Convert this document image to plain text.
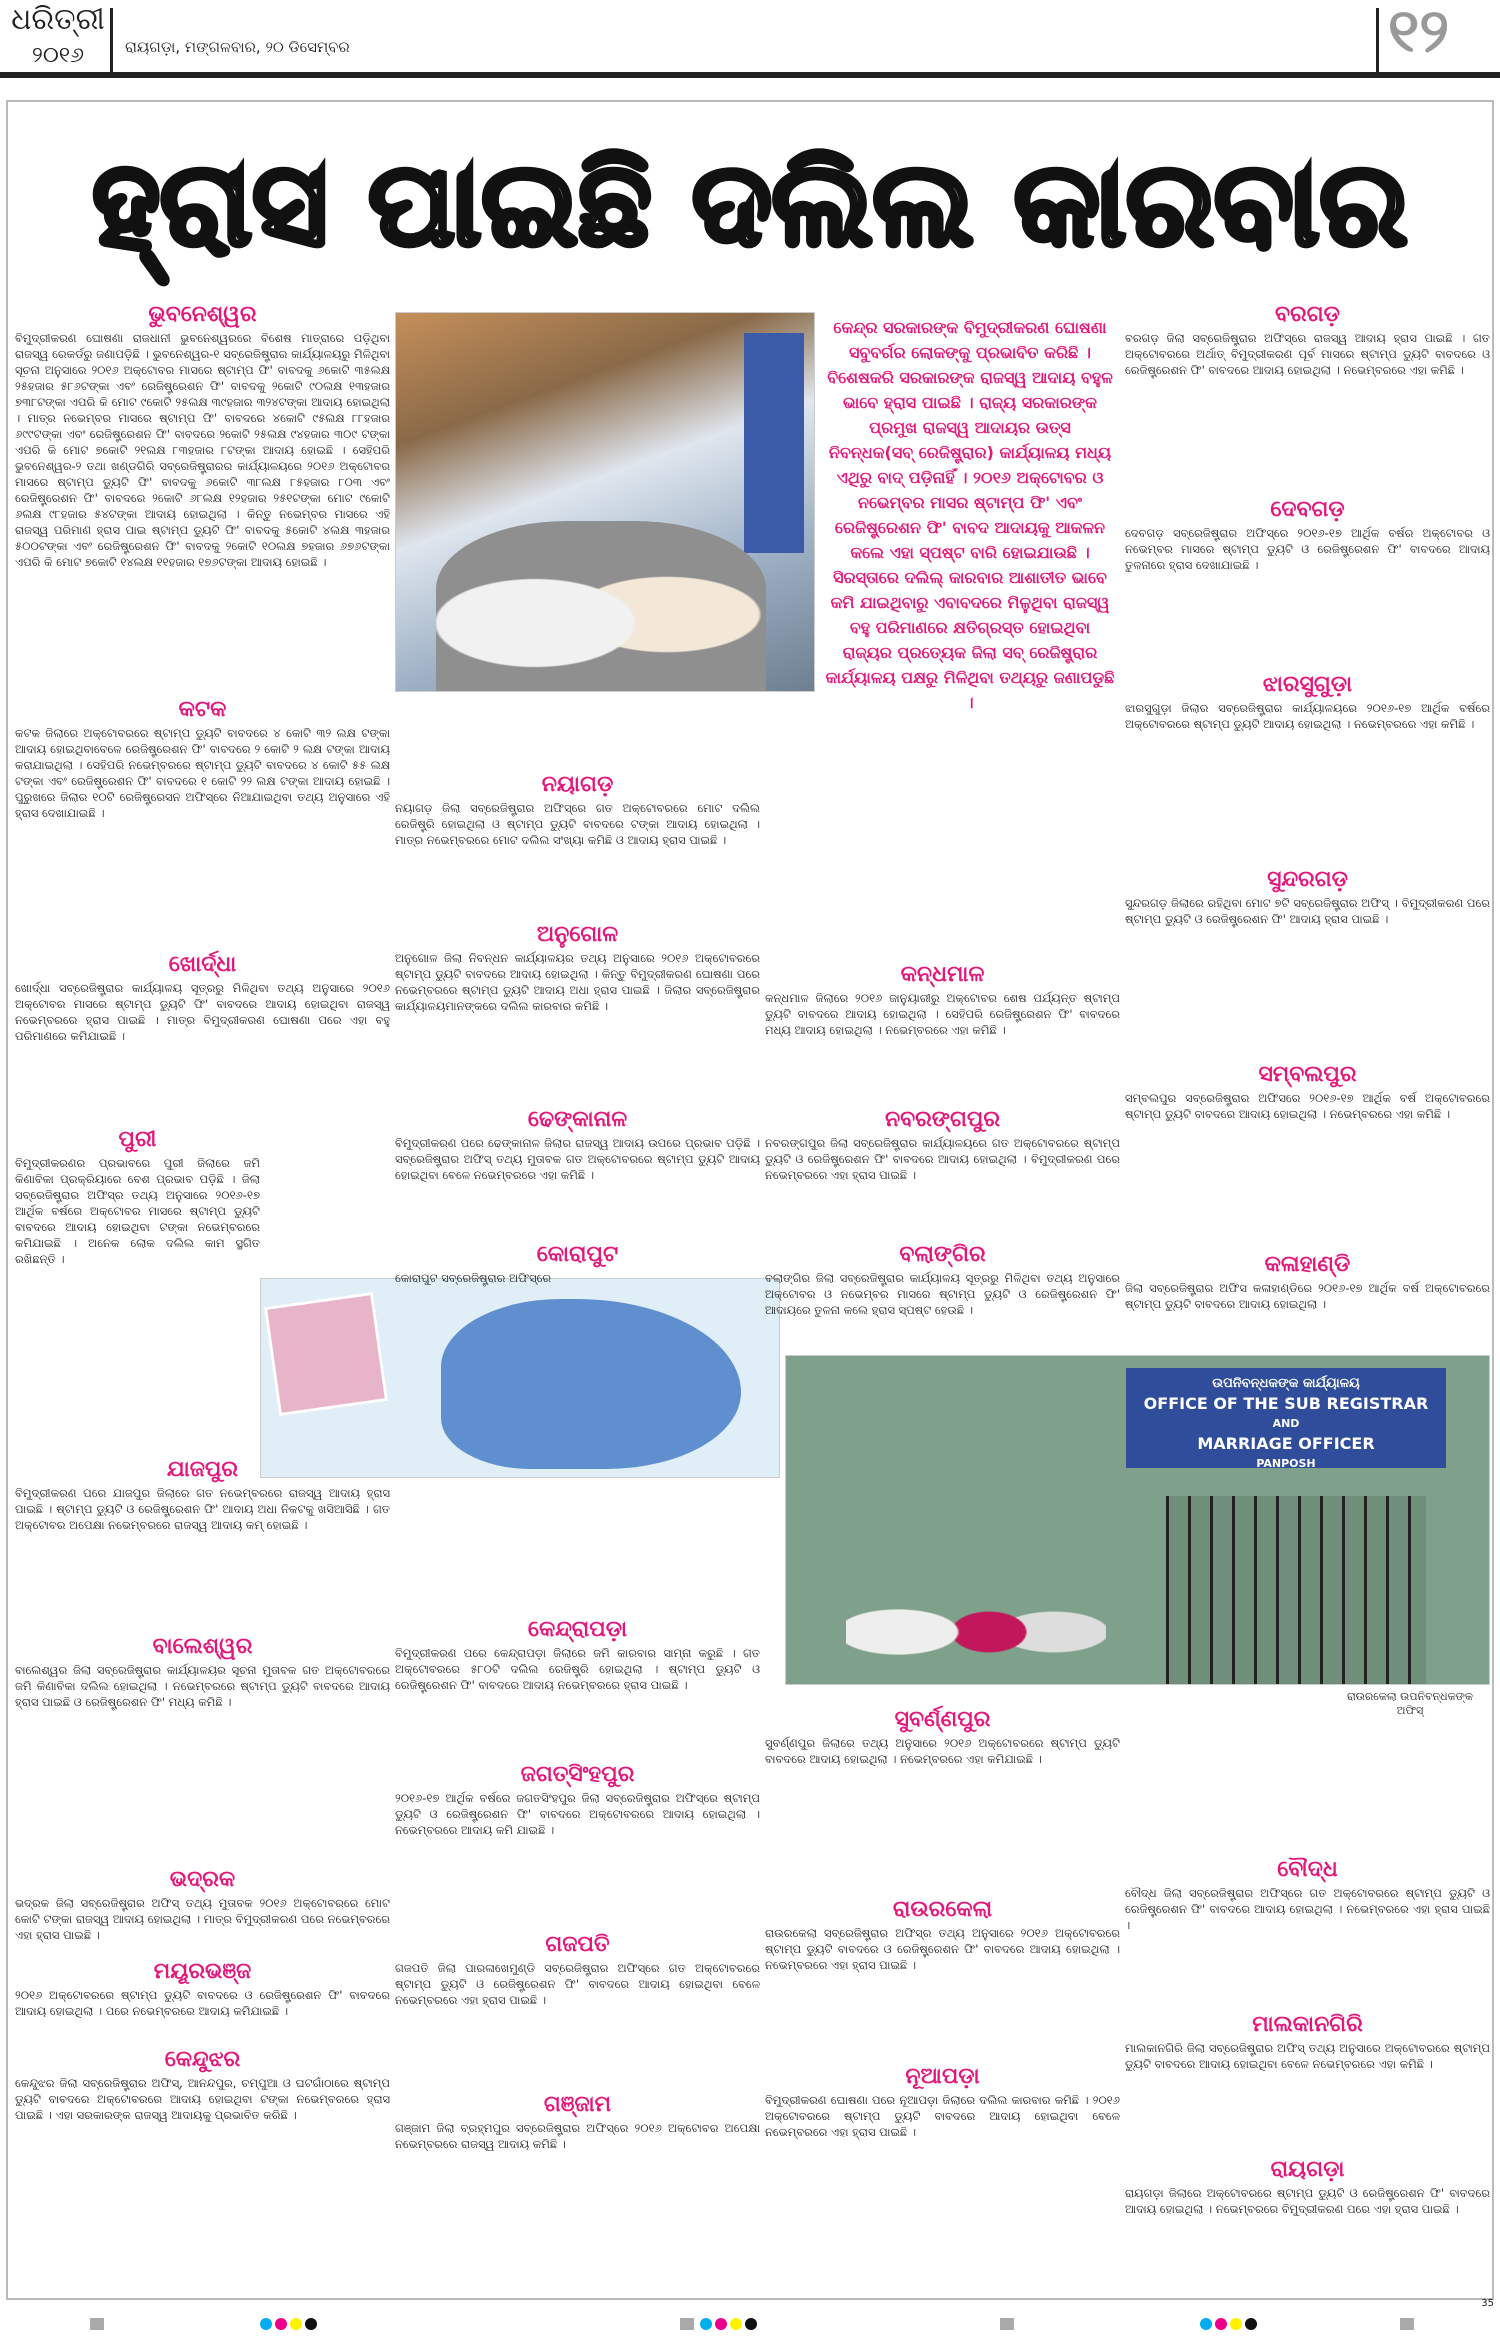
ଧରିତ୍ରୀ
୨୦୧୬	ରାୟଗଡ଼ା, ମଙ୍ଗଳବାର, ୨୦ ଡିସେମ୍ବର	୧୨
ହ୍ରାସ ପାଇଛି ଦଲିଲ କାରବାର
କେନ୍ଦ୍ର ସରକାରଙ୍କ ବିମୁଦ୍ରୀକରଣ ଘୋଷଣା ସବୁବର୍ଗର ଲୋକଙ୍କୁ ପ୍ରଭାବିତ କରିଛି । ବିଶେଷକରି ସରକାରଙ୍କ ରାଜସ୍ୱ ଆଦାୟ ବହୁଳ ଭାବେ ହ୍ରାସ ପାଇଛି । ରାଜ୍ୟ ସରକାରଙ୍କ ପ୍ରମୁଖ ରାଜସ୍ୱ ଆଦାୟର ଉତ୍ସ ନିବନ୍ଧକ(ସବ୍ ରେଜିଷ୍ଟ୍ରାର) କାର୍ଯ୍ୟାଳୟ ମଧ୍ୟ ଏଥିରୁ ବାଦ୍ ପଡ଼ିନାହିଁ । ୨୦୧୬ ଅକ୍ଟୋବର ଓ ନଭେମ୍ବର ମାସର ଷ୍ଟାମ୍ପ ଫି' ଏବଂ ରେଜିଷ୍ଟ୍ରେଶନ ଫି' ବାବଦ ଆଦାୟକୁ ଆକଳନ କଲେ ଏହା ସ୍ପଷ୍ଟ ବାରି ହୋଇଯାଉଛି । ସିରସ୍ତାରେ ଦଲିଲ୍ କାରବାର ଆଶାତୀତ ଭାବେ କମି ଯାଇଥିବାରୁ ଏବାବଦରେ ମିଳୁଥିବା ରାଜସ୍ୱ ବହୁ ପରିମାଣରେ କ୍ଷତିଗ୍ରସ୍ତ ହୋଇଥିବା ରାଜ୍ୟର ପ୍ରତ୍ୟେକ ଜିଲା ସବ୍ ରେଜିଷ୍ଟ୍ରାର କାର୍ଯ୍ୟାଳୟ ପକ୍ଷରୁ ମିଳିଥିବା ତଥ୍ୟରୁ ଜଣାପଡୁଛି ।
ଉପନିବନ୍ଧକଙ୍କ କାର୍ଯ୍ୟାଳୟ
OFFICE OF THE SUB REGISTRAR
AND
MARRIAGE OFFICER
PANPOSH
ରାଉରକେଲା ଉପନିବନ୍ଧକଙ୍କ ଅଫିସ୍
ଭୁବନେଶ୍ୱର

ବିମୁଦ୍ରୀକରଣ ଘୋଷଣା ରାଜଧାନୀ ଭୁବନେଶ୍ୱରରେ ବିଶେଷ ମାତ୍ରାରେ ପଡ଼ିଥିବା ରାଜସ୍ୱ ରେକର୍ଡରୁ ଜଣାପଡ଼ିଛି । ଭୁବନେଶ୍ୱର-୧ ସବ୍‌ରେଜିଷ୍ଟ୍ରାର କାର୍ଯ୍ୟାଳୟରୁ ମିଳିଥିବା ସୂଚନା ଅନୁସାରେ ୨୦୧୬ ଅକ୍ଟୋବର ମାସରେ ଷ୍ଟାମ୍ପ ଫି' ବାବଦକୁ ୬କୋଟି ୩୫ଲକ୍ଷ ୨୫ହଜାର ୫୮୬ଟଙ୍କା ଏବଂ ରେଜିଷ୍ଟ୍ରେଶନ ଫି' ବାବଦକୁ ୨କୋଟି ୯୦ଲକ୍ଷ ୧୩ହଜାର ୭୩୮ଟଙ୍କା ଏପରି କି ମୋଟ ୯କୋଟି ୨୫ଲକ୍ଷ ୩୯ହଜାର ୩୨୪ଟଙ୍କା ଆଦାୟ ହୋଇଥିଲା । ମାତ୍ର ନଭେମ୍ବର ମାସରେ ଷ୍ଟାମ୍ପ ଫି' ବାବଦରେ ୪କୋଟି ୯୫ଲକ୍ଷ ୮୮ହଜାର ୬୯୯ଟଙ୍କା ଏବଂ ରେଜିଷ୍ଟ୍ରେଶନ ଫି' ବାବଦରେ ୨କୋଟି ୨୫ଲକ୍ଷ ୯୪ହଜାର ୩୦୯ ଟଙ୍କା ଏପରି କି ମୋଟ ୭କୋଟି ୨୧ଲକ୍ଷ ୮୩ହଜାର ୮ଟଙ୍କା ଆଦାୟ ହୋଇଛି । ସେହିପରି ଭୁବନେଶ୍ୱର-୨ ତଥା ଖଣ୍ଡଗିରି ସବ୍‌ରେଜିଷ୍ଟ୍ରାରର କାର୍ଯ୍ୟାଳୟରେ ୨୦୧୬ ଅକ୍ଟୋବର ମାସରେ ଷ୍ଟାମ୍ପ ଡ୍ୟୁଟି ଫି' ବାବଦକୁ ୬କୋଟି ୩୮ଲକ୍ଷ ୮୫ହଜାର ୮୦୩ ଏବଂ ରେଜିଷ୍ଟ୍ରେଶନ ଫି' ବାବଦରେ ୨କୋଟି ୬୮ଲକ୍ଷ ୧୨ହଜାର ୨୫୧ଟଙ୍କା ମୋଟ ୯କୋଟି ୬ଲକ୍ଷ ୯୮ହଜାର ୫୪ଟଙ୍କା ଆଦାୟ ହୋଇଥିଲା । କିନ୍ତୁ ନଭେମ୍ବର ମାସରେ ଏହି ରାଜସ୍ୱ ପରିମାଣ ହ୍ରାସ ପାଇ ଷ୍ଟାମ୍ପ ଡ୍ୟୁଟି ଫି' ବାବଦକୁ ୫କୋଟି ୪ଲକ୍ଷ ୩ହଜାର ୫୦୦ଟଙ୍କା ଏବଂ ରେଜିଷ୍ଟ୍ରେଶନ ଫି' ବାବଦକୁ ୨କୋଟି ୧୦ଲକ୍ଷ ୭ହଜାର ୬୭୬ଟଙ୍କା ଏପରି କି ମୋଟ ୭କୋଟି ୧୪ଲକ୍ଷ ୧୧ହଜାର ୧୭୬ଟଙ୍କା ଆଦାୟ ହୋଇଛି ।

କଟକ

କଟକ ଜିଲାରେ ଅକ୍ଟୋବରରେ ଷ୍ଟାମ୍ପ ଡ୍ୟୁଟି ବାବଦରେ ୪ କୋଟି ୩୨ ଲକ୍ଷ ଟଙ୍କା ଆଦାୟ ହୋଇଥିବାବେଳେ ରେଜିଷ୍ଟ୍ରେଶନ ଫି' ବାବଦରେ ୨ କୋଟି ୨ ଲକ୍ଷ ଟଙ୍କା ଆଦାୟ କରାଯାଇଥିଲା । ସେହିପରି ନଭେମ୍ବରରେ ଷ୍ଟାମ୍ପ ଡ୍ୟୁଟି ବାବଦରେ ୪ କୋଟି ୫୫ ଲକ୍ଷ ଟଙ୍କା ଏବଂ ରେଜିଷ୍ଟ୍ରେଶନ ଫି' ବାବଦରେ ୧ କୋଟି ୨୨ ଲକ୍ଷ ଟଙ୍କା ଆଦାୟ ହୋଇଛି । ପୁରୁଖରେ ଜିଲାର ୧୦ଟି ରେଜିଷ୍ଟ୍ରେସନ ଅଫିସ୍‌ରେ ନିଆଯାଇଥିବା ତଥ୍ୟ ଅନୁସାରେ ଏହି ହ୍ରାସ ଦେଖାଯାଇଛି ।

ଖୋର୍ଦ୍ଧା

ଖୋର୍ଦ୍ଧା ସବ୍‌ରେଜିଷ୍ଟ୍ରାର କାର୍ଯ୍ୟାଳୟ ସୂତ୍ରରୁ ମିଳିଥିବା ତଥ୍ୟ ଅନୁସାରେ ୨୦୧୬ ଅକ୍ଟୋବର ମାସରେ ଷ୍ଟାମ୍ପ ଡ୍ୟୁଟି ଫି' ବାବଦରେ ଆଦାୟ ହୋଇଥିବା ରାଜସ୍ୱ ନଭେମ୍ବରରେ ହ୍ରାସ ପାଇଛି । ମାତ୍ର ବିମୁଦ୍ରୀକରଣ ଘୋଷଣା ପରେ ଏହା ବହୁ ପରିମାଣରେ କମିଯାଇଛି ।

ପୁରୀ

ବିମୁଦ୍ରୀକରଣର ପ୍ରଭାବରେ ପୁରୀ ଜିଲାରେ ଜମି କିଣାବିକା ପ୍ରକ୍ରିୟାରେ ବେଶ ପ୍ରଭାବ ପଡ଼ିଛି । ଜିଲା ସବ୍‌ରେଜିଷ୍ଟ୍ରାର ଅଫିସ୍‌ର ତଥ୍ୟ ଅନୁସାରେ ୨୦୧୬-୧୭ ଆର୍ଥିକ ବର୍ଷରେ ଅକ୍ଟୋବର ମାସରେ ଷ୍ଟାମ୍ପ ଡ୍ୟୁଟି ବାବଦରେ ଆଦାୟ ହୋଇଥିବା ଟଙ୍କା ନଭେମ୍ବରରେ କମିଯାଇଛି । ଅନେକ ଲୋକ ଦଲିଲ କାମ ସ୍ଥଗିତ ରଖିଛନ୍ତି ।

ଯାଜପୁର

ବିମୁଦ୍ରୀକରଣ ପରେ ଯାଜପୁର ଜିଲାରେ ଗତ ନଭେମ୍ବରରେ ରାଜସ୍ୱ ଆଦାୟ ହ୍ରାସ ପାଇଛି । ଷ୍ଟାମ୍ପ ଡ୍ୟୁଟି ଓ ରେଜିଷ୍ଟ୍ରେଶନ ଫି' ଆଦାୟ ଅଧା ନିକଟକୁ ଖସିଆସିଛି । ଗତ ଅକ୍ଟୋବର ଅପେକ୍ଷା ନଭେମ୍ବରରେ ରାଜସ୍ୱ ଆଦାୟ କମ୍ ହୋଇଛି ।

ବାଲେଶ୍ୱର

ବାଲେଶ୍ୱର ଜିଲା ସବ୍‌ରେଜିଷ୍ଟ୍ରାର କାର୍ଯ୍ୟାଳୟର ସୂଚନା ମୁତାବକ ଗତ ଅକ୍ଟୋବରରେ ଜମି କିଣାବିକା ଦଲିଲ ହୋଇଥିଲା । ନଭେମ୍ବରରେ ଷ୍ଟାମ୍ପ ଡ୍ୟୁଟି ବାବଦରେ ଆଦାୟ ହ୍ରାସ ପାଇଛି ଓ ରେଜିଷ୍ଟ୍ରେଶନ ଫି' ମଧ୍ୟ କମିଛି ।

ଭଦ୍ରକ

ଭଦ୍ରକ ଜିଲା ସବ୍‌ରେଜିଷ୍ଟ୍ରାର ଅଫିସ୍ ତଥ୍ୟ ମୁତାବକ ୨୦୧୬ ଅକ୍ଟୋବରରେ ମୋଟ କୋଟି ଟଙ୍କା ରାଜସ୍ୱ ଆଦାୟ ହୋଇଥିଲା । ମାତ୍ର ବିମୁଦ୍ରୀକରଣ ପରେ ନଭେମ୍ବରରେ ଏହା ହ୍ରାସ ପାଇଛି ।

ମୟୂରଭଞ୍ଜ

୨୦୧୬ ଅକ୍ଟୋବରରେ ଷ୍ଟାମ୍ପ ଡ୍ୟୁଟି ବାବଦରେ ଓ ରେଜିଷ୍ଟ୍ରେଶନ ଫି' ବାବଦରେ ଆଦାୟ ହୋଇଥିଲା । ପରେ ନଭେମ୍ବରରେ ଆଦାୟ କମିଯାଇଛି ।

କେନ୍ଦୁଝର

କେନ୍ଦୁଝର ଜିଲା ସବ୍‌ରେଜିଷ୍ଟ୍ରାର ଅଫିସ୍, ଆନନ୍ଦପୁର, ଚମ୍ପୁଆ ଓ ଘଟଗାଁଠାରେ ଷ୍ଟାମ୍ପ ଡ୍ୟୁଟି ବାବଦରେ ଅକ୍ଟୋବରରେ ଆଦାୟ ହୋଇଥିବା ଟଙ୍କା ନଭେମ୍ବରରେ ହ୍ରାସ ପାଇଛି । ଏହା ସରକାରଙ୍କ ରାଜସ୍ୱ ଆଦାୟକୁ ପ୍ରଭାବିତ କରିଛି ।

ନୟାଗଡ଼

ନୟାଗଡ଼ ଜିଲା ସବ୍‌ରେଜିଷ୍ଟ୍ରାର ଅଫିସ୍‌ରେ ଗତ ଅକ୍ଟୋବରରେ ମୋଟ ଦଲିଲ ରେଜିଷ୍ଟ୍ରି ହୋଇଥିଲା ଓ ଷ୍ଟାମ୍ପ ଡ୍ୟୁଟି ବାବଦରେ ଟଙ୍କା ଆଦାୟ ହୋଇଥିଲା । ମାତ୍ର ନଭେମ୍ବରରେ ମୋଟ ଦଲିଲ ସଂଖ୍ୟା କମିଛି ଓ ଆଦାୟ ହ୍ରାସ ପାଇଛି ।

ଅନୁଗୋଳ

ଅନୁଗୋଳ ଜିଲା ନିବନ୍ଧନ କାର୍ଯ୍ୟାଳୟର ତଥ୍ୟ ଅନୁସାରେ ୨୦୧୬ ଅକ୍ଟୋବରରେ ଷ୍ଟାମ୍ପ ଡ୍ୟୁଟି ବାବଦରେ ଆଦାୟ ହୋଇଥିଲା । କିନ୍ତୁ ବିମୁଦ୍ରୀକରଣ ଘୋଷଣା ପରେ ନଭେମ୍ବରରେ ଷ୍ଟାମ୍ପ ଡ୍ୟୁଟି ଆଦାୟ ଅଧା ହ୍ରାସ ପାଇଛି । ଜିଲାର ସବ୍‌ରେଜିଷ୍ଟ୍ରାର କାର୍ଯ୍ୟାଳୟମାନଙ୍କରେ ଦଲିଲ କାରବାର କମିଛି ।

ଢେଙ୍କାନାଳ

ବିମୁଦ୍ରୀକରଣ ପରେ ଢେଙ୍କାନାଳ ଜିଲାର ରାଜସ୍ୱ ଆଦାୟ ଉପରେ ପ୍ରଭାବ ପଡ଼ିଛି । ସବ୍‌ରେଜିଷ୍ଟ୍ରାର ଅଫିସ୍ ତଥ୍ୟ ମୁତାବକ ଗତ ଅକ୍ଟୋବରରେ ଷ୍ଟାମ୍ପ ଡ୍ୟୁଟି ଆଦାୟ ହୋଇଥିବା ବେଳେ ନଭେମ୍ବରରେ ଏହା କମିଛି ।

କୋରାପୁଟ

କୋରାପୁଟ ସବ୍‌ରେଜିଷ୍ଟ୍ରାର ଅଫିସ୍‌ରେ

କେନ୍ଦ୍ରାପଡ଼ା

ବିମୁଦ୍ରୀକରଣ ପରେ କେନ୍ଦ୍ରାପଡ଼ା ଜିଲାରେ ଜମି କାରବାର ସାମ୍ନା କରୁଛି । ଗତ ଅକ୍ଟୋବରରେ ୫୮୦ଟି ଦଲିଲ ରେଜିଷ୍ଟ୍ରି ହୋଇଥିଲା । ଷ୍ଟାମ୍ପ ଡ୍ୟୁଟି ଓ ରେଜିଷ୍ଟ୍ରେଶନ ଫି' ବାବଦରେ ଆଦାୟ ନଭେମ୍ବରରେ ହ୍ରାସ ପାଇଛି ।

ଜଗତ୍‌ସିଂହପୁର

୨୦୧୬-୧୭ ଆର୍ଥିକ ବର୍ଷରେ ଜଗତସିଂହପୁର ଜିଲା ସବ୍‌ରେଜିଷ୍ଟ୍ରାର ଅଫିସ୍‌ରେ ଷ୍ଟାମ୍ପ ଡ୍ୟୁଟି ଓ ରେଜିଷ୍ଟ୍ରେଶନ ଫି' ବାବଦରେ ଅକ୍ଟୋବରରେ ଆଦାୟ ହୋଇଥିଲା । ନଭେମ୍ବରରେ ଆଦାୟ କମି ଯାଇଛି ।

ଗଜପତି

ଗଜପତି ଜିଲା ପାରଳାଖେମୁଣ୍ଡି ସବ୍‌ରେଜିଷ୍ଟ୍ରାର ଅଫିସ୍‌ରେ ଗତ ଅକ୍ଟୋବରରେ ଷ୍ଟାମ୍ପ ଡ୍ୟୁଟି ଓ ରେଜିଷ୍ଟ୍ରେଶନ ଫି' ବାବଦରେ ଆଦାୟ ହୋଇଥିବା ବେଳେ ନଭେମ୍ବରରେ ଏହା ହ୍ରାସ ପାଇଛି ।

ଗଞ୍ଜାମ

ଗଞ୍ଜାମ ଜିଲା ବ୍ରହ୍ମପୁର ସବ୍‌ରେଜିଷ୍ଟ୍ରାର ଅଫିସ୍‌ରେ ୨୦୧୬ ଅକ୍ଟୋବର ଅପେକ୍ଷା ନଭେମ୍ବରରେ ରାଜସ୍ୱ ଆଦାୟ କମିଛି ।

କନ୍ଧମାଳ

କନ୍ଧମାଳ ଜିଲାରେ ୨୦୧୬ ଜାନୁୟାରୀରୁ ଅକ୍ଟୋବର ଶେଷ ପର୍ଯ୍ୟନ୍ତ ଷ୍ଟାମ୍ପ ଡ୍ୟୁଟି ବାବଦରେ ଆଦାୟ ହୋଇଥିଲା । ସେହିପରି ରେଜିଷ୍ଟ୍ରେଶନ ଫି' ବାବଦରେ ମଧ୍ୟ ଆଦାୟ ହୋଇଥିଲା । ନଭେମ୍ବରରେ ଏହା କମିଛି ।

ନବରଙ୍ଗପୁର

ନବରଙ୍ଗପୁର ଜିଲା ସବ୍‌ରେଜିଷ୍ଟ୍ରାର କାର୍ଯ୍ୟାଳୟରେ ଗତ ଅକ୍ଟୋବରରେ ଷ୍ଟାମ୍ପ ଡ୍ୟୁଟି ଓ ରେଜିଷ୍ଟ୍ରେଶନ ଫି' ବାବଦରେ ଆଦାୟ ହୋଇଥିଲା । ବିମୁଦ୍ରୀକରଣ ପରେ ନଭେମ୍ବରରେ ଏହା ହ୍ରାସ ପାଇଛି ।

ବଲାଙ୍ଗିର

ବଲାଙ୍ଗିର ଜିଲା ସବ୍‌ରେଜିଷ୍ଟ୍ରାର କାର୍ଯ୍ୟାଳୟ ସୂତ୍ରରୁ ମିଳିଥିବା ତଥ୍ୟ ଅନୁସାରେ ଅକ୍ଟୋବର ଓ ନଭେମ୍ବର ମାସରେ ଷ୍ଟାମ୍ପ ଡ୍ୟୁଟି ଓ ରେଜିଷ୍ଟ୍ରେଶନ ଫି' ଆଦାୟରେ ତୁଳନା କଲେ ହ୍ରାସ ସ୍ପଷ୍ଟ ହେଉଛି ।

ସୁବର୍ଣ୍ଣପୁର

ସୁବର୍ଣ୍ଣପୁର ଜିଲାରେ ତଥ୍ୟ ଅନୁସାରେ ୨୦୧୬ ଅକ୍ଟୋବରରେ ଷ୍ଟାମ୍ପ ଡ୍ୟୁଟି ବାବଦରେ ଆଦାୟ ହୋଇଥିଲା । ନଭେମ୍ବରରେ ଏହା କମିଯାଇଛି ।

ରାଉରକେଲା

ରାଉରକେଲା ସବ୍‌ରେଜିଷ୍ଟ୍ରାର ଅଫିସ୍‌ର ତଥ୍ୟ ଅନୁସାରେ ୨୦୧୬ ଅକ୍ଟୋବରରେ ଷ୍ଟାମ୍ପ ଡ୍ୟୁଟି ବାବଦରେ ଓ ରେଜିଷ୍ଟ୍ରେଶନ ଫି' ବାବଦରେ ଆଦାୟ ହୋଇଥିଲା । ନଭେମ୍ବରରେ ଏହା ହ୍ରାସ ପାଇଛି ।

ନୂଆପଡ଼ା

ବିମୁଦ୍ରୀକରଣ ଘୋଷଣା ପରେ ନୂଆପଡ଼ା ଜିଲାରେ ଦଲିଲ କାରବାର କମିଛି । ୨୦୧୬ ଅକ୍ଟୋବରରେ ଷ୍ଟାମ୍ପ ଡ୍ୟୁଟି ବାବଦରେ ଆଦାୟ ହୋଇଥିବା ବେଳେ ନଭେମ୍ବରରେ ଏହା ହ୍ରାସ ପାଇଛି ।

ବରଗଡ଼

ବରଗଡ଼ ଜିଲା ସବ୍‌ରେଜିଷ୍ଟ୍ରାର ଅଫିସ୍‌ରେ ରାଜସ୍ୱ ଆଦାୟ ହ୍ରାସ ପାଇଛି । ଗତ ଅକ୍ଟୋବରରେ ଅର୍ଥାତ୍ ବିମୁଦ୍ରୀକରଣ ପୂର୍ବ ମାସରେ ଷ୍ଟାମ୍ପ ଡ୍ୟୁଟି ବାବଦରେ ଓ ରେଜିଷ୍ଟ୍ରେଶନ ଫି' ବାବଦରେ ଆଦାୟ ହୋଇଥିଲା । ନଭେମ୍ବରରେ ଏହା କମିଛି ।

ଦେବଗଡ଼

ଦେବଗଡ଼ ସବ୍‌ରେଜିଷ୍ଟ୍ରାର ଅଫିସ୍‌ରେ ୨୦୧୬-୧୭ ଆର୍ଥିକ ବର୍ଷର ଅକ୍ଟୋବର ଓ ନଭେମ୍ବର ମାସରେ ଷ୍ଟାମ୍ପ ଡ୍ୟୁଟି ଓ ରେଜିଷ୍ଟ୍ରେଶନ ଫି' ବାବଦରେ ଆଦାୟ ତୁଳନାରେ ହ୍ରାସ ଦେଖାଯାଇଛି ।

ଝାରସୁଗୁଡ଼ା

ଝାରସୁଗୁଡ଼ା ଜିଲାର ସବ୍‌ରେଜିଷ୍ଟ୍ରାର କାର୍ଯ୍ୟାଳୟରେ ୨୦୧୬-୧୭ ଆର୍ଥିକ ବର୍ଷରେ ଅକ୍ଟୋବରରେ ଷ୍ଟାମ୍ପ ଡ୍ୟୁଟି ଆଦାୟ ହୋଇଥିଲା । ନଭେମ୍ବରରେ ଏହା କମିଛି ।

ସୁନ୍ଦରଗଡ଼

ସୁନ୍ଦରଗଡ଼ ଜିଲାରେ ରହିଥିବା ମୋଟ ୭ଟି ସବ୍‌ରେଜିଷ୍ଟ୍ରାର ଅଫିସ୍ । ବିମୁଦ୍ରୀକରଣ ପରେ ଷ୍ଟାମ୍ପ ଡ୍ୟୁଟି ଓ ରେଜିଷ୍ଟ୍ରେଶନ ଫି' ଆଦାୟ ହ୍ରାସ ପାଇଛି ।

ସମ୍ବଲପୁର

ସମ୍ବଲପୁର ସବ୍‌ରେଜିଷ୍ଟ୍ରାର ଅଫିସରେ ୨୦୧୬-୧୭ ଆର୍ଥିକ ବର୍ଷ ଅକ୍ଟୋବରରେ ଷ୍ଟାମ୍ପ ଡ୍ୟୁଟି ବାବଦରେ ଆଦାୟ ହୋଇଥିଲା । ନଭେମ୍ବରରେ ଏହା କମିଛି ।

କଳାହାଣ୍ଡି

ଜିଲା ସବ୍‌ରେଜିଷ୍ଟ୍ରାର ଅଫିସ କଳାହାଣ୍ଡିରେ ୨୦୧୬-୧୭ ଆର୍ଥିକ ବର୍ଷ ଅକ୍ଟୋବରରେ ଷ୍ଟାମ୍ପ ଡ୍ୟୁଟି ବାବଦରେ ଆଦାୟ ହୋଇଥିଲା ।

ବୌଦ୍ଧ

ବୌଦ୍ଧ ଜିଲା ସବ୍‌ରେଜିଷ୍ଟ୍ରାର ଅଫିସ୍‌ରେ ଗତ ଅକ୍ଟୋବରରେ ଷ୍ଟାମ୍ପ ଡ୍ୟୁଟି ଓ ରେଜିଷ୍ଟ୍ରେଶନ ଫି' ବାବଦରେ ଆଦାୟ ହୋଇଥିଲା । ନଭେମ୍ବରରେ ଏହା ହ୍ରାସ ପାଇଛି ।

ମାଲକାନଗିରି

ମାଲକାନଗିରି ଜିଲା ସବ୍‌ରେଜିଷ୍ଟ୍ରାର ଅଫିସ୍ ତଥ୍ୟ ଅନୁସାରେ ଅକ୍ଟୋବରରେ ଷ୍ଟାମ୍ପ ଡ୍ୟୁଟି ବାବଦରେ ଆଦାୟ ହୋଇଥିବା ବେଳେ ନଭେମ୍ବରରେ ଏହା କମିଛି ।

ରାୟଗଡ଼ା

ରାୟଗଡ଼ା ଜିଲାରେ ଅକ୍ଟୋବରରେ ଷ୍ଟାମ୍ପ ଡ୍ୟୁଟି ଓ ରେଜିଷ୍ଟ୍ରେଶନ ଫି' ବାବଦରେ ଆଦାୟ ହୋଇଥିଲା । ନଭେମ୍ବରରେ ବିମୁଦ୍ରୀକରଣ ପରେ ଏହା ହ୍ରାସ ପାଇଛି ।

35
